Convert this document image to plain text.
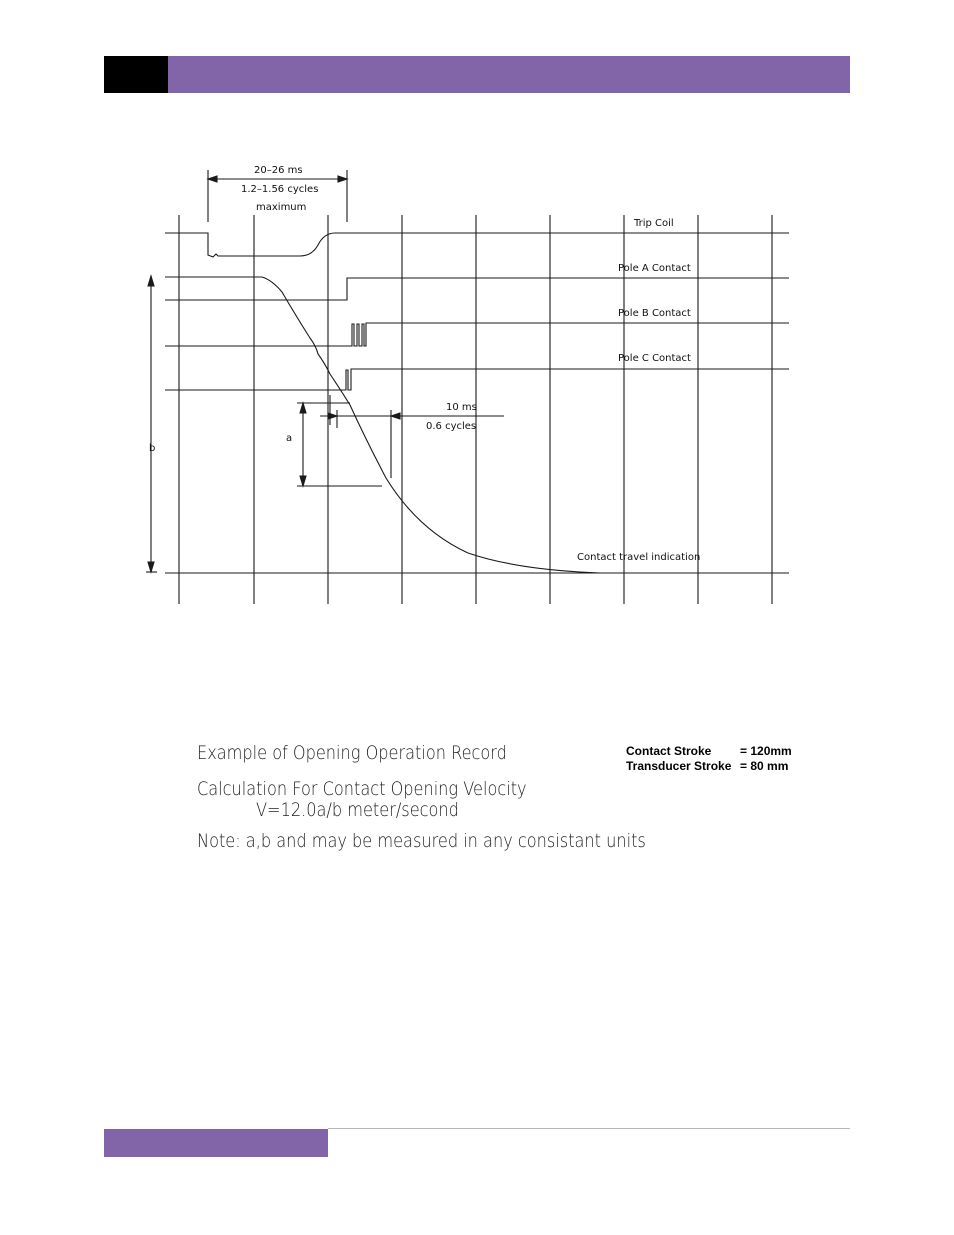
20–26 ms
1.2–1.56 cycles
maximum
Trip Coil
Pole A Contact
Pole B Contact
Pole C Contact
10 ms
0.6 cycles
a
b
Contact travel indication
Example of Opening Operation Record
Calculation For Contact Opening Velocity
V=12.0a/b meter/second
Note: a,b and may be measured in any consistant units
Contact Stroke	= 120mm
Transducer Stroke = 80 mm
